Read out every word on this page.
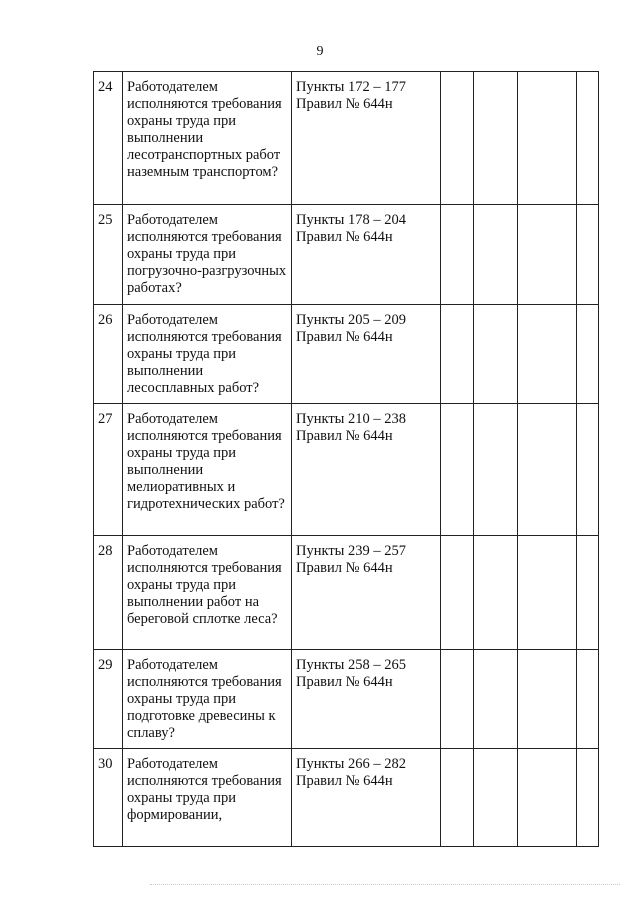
9
24	Работодателем исполняются требования охраны труда при выполнении лесотранспортных работ наземным транспортом?	Пункты 172 – 177
Правил № 644н				

25	Работодателем исполняются требования охраны труда при погрузочно-разгрузочных работах?	Пункты 178 – 204
Правил № 644н				

26	Работодателем исполняются требования охраны труда при выполнении лесосплавных работ?	Пункты 205 – 209
Правил № 644н				

27	Работодателем исполняются требования охраны труда при выполнении мелиоративных и гидротехнических работ?	Пункты 210 – 238
Правил № 644н				

28	Работодателем исполняются требования охраны труда при выполнении работ на береговой сплотке леса?	Пункты 239 – 257
Правил № 644н				

29	Работодателем исполняются требования охраны труда при подготовке древесины к сплаву?	Пункты 258 – 265
Правил № 644н				

30	Работодателем исполняются требования охраны труда при формировании,	Пункты 266 – 282
Правил № 644н				
